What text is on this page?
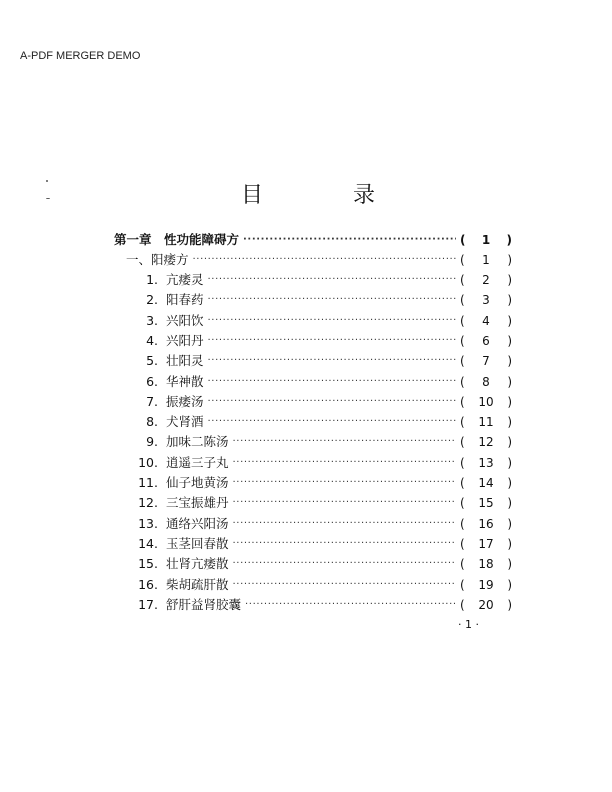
A-PDF MERGER DEMO
目　录
第一章　性功能障碍方 ·····	(	1	)
一、阳痿方 ·····	(	1	)
1. 亢痿灵 ·····	(	2	)
2. 阳春药 ·····	(	3	)
3. 兴阳饮 ·····	(	4	)
4. 兴阳丹 ·····	(	6	)
5. 壮阳灵 ·····	(	7	)
6. 华神散 ·····	(	8	)
7. 振痿汤 ·····	(	10	)
8. 犬肾酒 ·····	(	11	)
9. 加味二陈汤 ·····	(	12	)
10. 逍遥三子丸 ·····	(	13	)
11. 仙子地黄汤 ·····	(	14	)
12. 三宝振雄丹 ·····	(	15	)
13. 通络兴阳汤 ·····	(	16	)
14. 玉茎回春散 ·····	(	17	)
15. 壮肾亢痿散 ·····	(	18	)
16. 柴胡疏肝散 ·····	(	19	)
17. 舒肝益肾胶囊 ·····	(	20	)
· 1 ·
